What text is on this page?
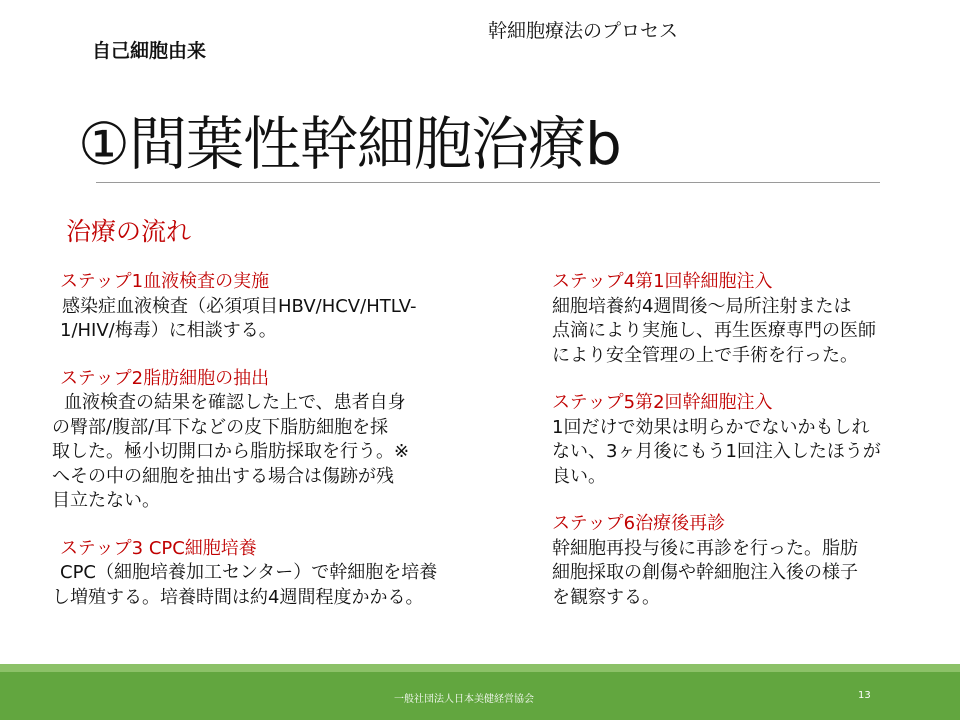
自己細胞由来

幹細胞療法のプロセス

①間葉性幹細胞治療b
治療の流れ

ステップ1血液検査の実施

感染症血液検査（必須項目HBV/HCV/HTLV-

1/HIV/梅毒）に相談する。

ステップ2脂肪細胞の抽出

血液検査の結果を確認した上で、患者自身

の臀部/腹部/耳下などの皮下脂肪細胞を採

取した。極小切開口から脂肪採取を行う。※

へその中の細胞を抽出する場合は傷跡が残

目立たない。

ステップ3 CPC細胞培養

CPC（細胞培養加工センター）で幹細胞を培養

し増殖する。培養時間は約4週間程度かかる。

ステップ4第1回幹細胞注入

細胞培養約4週間後～局所注射または

点滴により実施し、再生医療専門の医師

により安全管理の上で手術を行った。

ステップ5第2回幹細胞注入

1回だけで効果は明らかでないかもしれ

ない、3ヶ月後にもう1回注入したほうが

良い。

ステップ6治療後再診

幹細胞再投与後に再診を行った。脂肪

細胞採取の創傷や幹細胞注入後の様子

を観察する。

一般社団法人日本美健経営協会	13
